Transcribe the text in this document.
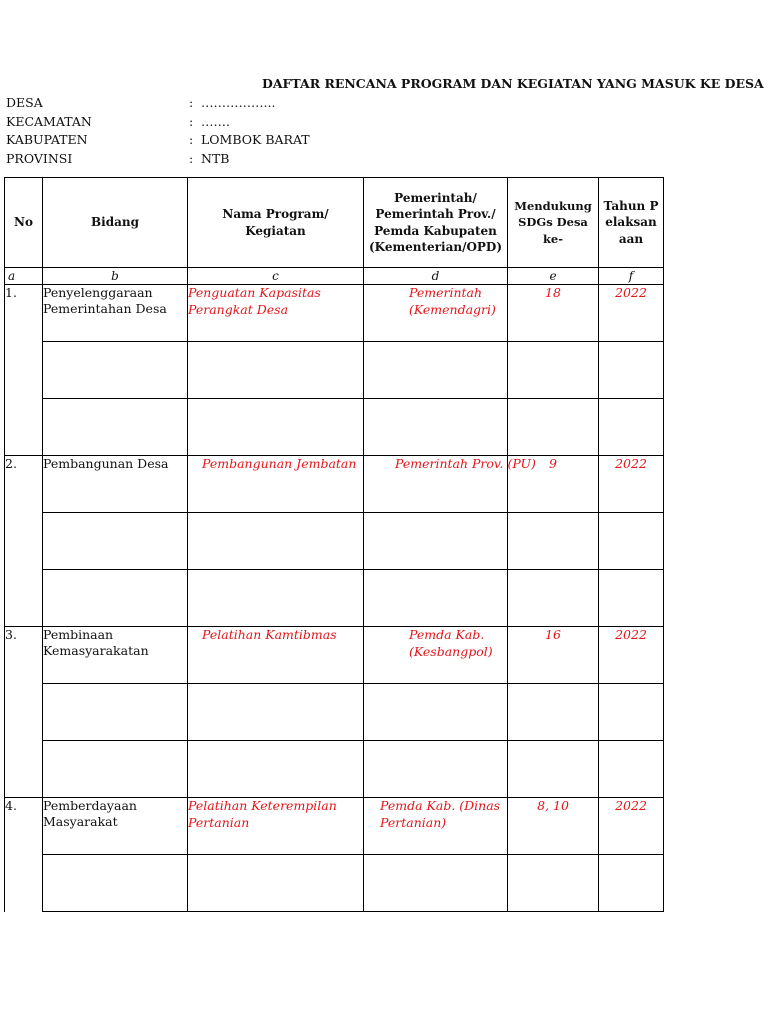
DAFTAR RENCANA PROGRAM DAN KEGIATAN YANG MASUK KE DESA
DESA	: ……………...
KECAMATAN	: …….
KABUPATEN	: LOMBOK BARAT
PROVINSI	: NTB
No	Bidang	Nama Program/ Kegiatan	Pemerintah/ Pemerintah Prov./ Pemda Kabupaten (Kementerian/OPD)	Mendukung SDGs Desa ke-	Tahun Pelaksanaan
a	b	c	d	e	f
1.	Penyelenggaraan Pemerintahan Desa	Penguatan Kapasitas Perangkat Desa	Pemerintah (Kemendagri)	18	2022

2.	Pembangunan Desa	Pembangunan Jembatan	Pemerintah Prov. (PU)	9	2022

3.	Pembinaan Kemasyarakatan	Pelatihan Kamtibmas	Pemda Kab. (Kesbangpol)	16	2022

4.	Pemberdayaan Masyarakat	Pelatihan Keterempilan Pertanian	Pemda Kab. (Dinas Pertanian)	8, 10	2022
